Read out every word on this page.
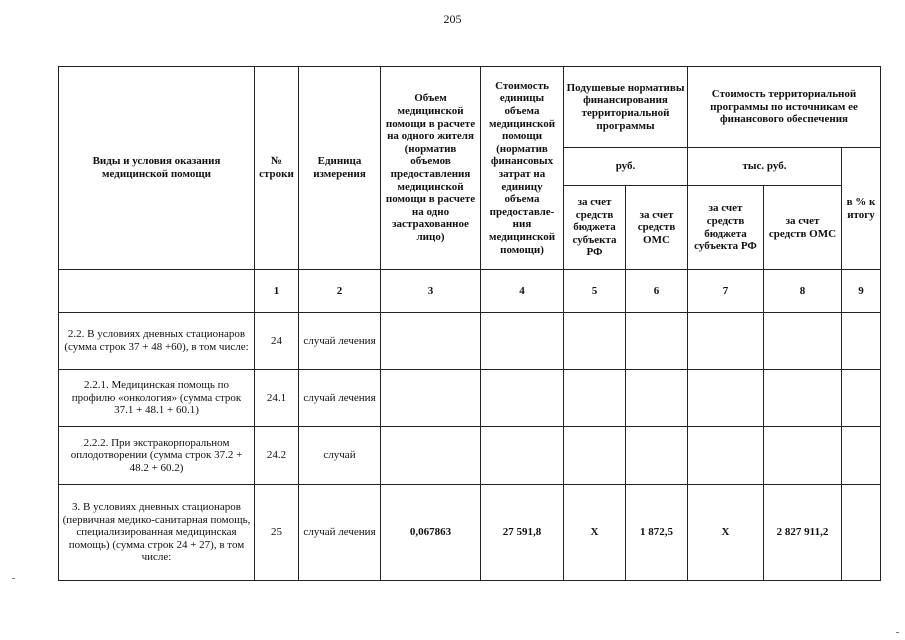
205
Виды и условия оказания медицинской помощи	№ строки	Единица измерения	Объем медицинской помощи в расчете на одного жителя (норматив объемов предоставления медицинской помощи в расчете на одно застрахованное лицо)	Стоимость единицы объема медицинской помощи (норматив финансовых затрат на единицу объема предоставле-ния медицинской помощи)	Подушевые нормативы финансирования территориальной программы		Стоимость территориальной программы по источникам ее финансового обеспечения		
					руб.		тыс. руб.		в % к итогу
					за счет средств бюджета субъекта РФ	за счет средств ОМС	за счет средств бюджета субъекта РФ	за счет средств ОМС	
	1	2	3	4	5	6	7	8	9
2.2. В условиях дневных стационаров (сумма строк 37 + 48 +60), в том числе:	24	случай лечения							
2.2.1. Медицинская помощь по профилю «онкология» (сумма строк 37.1 + 48.1 + 60.1)	24.1	случай лечения							
2.2.2. При экстракорпоральном оплодотворении (сумма строк 37.2 + 48.2 + 60.2)	24.2	случай							
3. В условиях дневных стационаров (первичная медико-санитарная помощь, специализированная медицинская помощь) (сумма строк 24 + 27), в том числе:	25	случай лечения	0,067863	27 591,8	Х	1 872,5	Х	2 827 911,2	
